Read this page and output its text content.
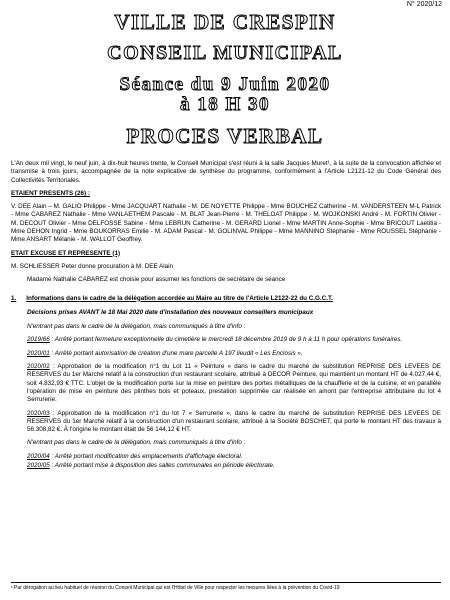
N° 2020/12
VILLE DE CRESPIN
CONSEIL MUNICIPAL
Séance du 9 Juin 2020
à 18 H 30
PROCES VERBAL

L'An deux mil vingt, le neuf juin, à dix-huit heures trente, le Conseil Municipal s'est réuni à la salle Jacques Muret¹, à la suite de la convocation affichée et transmise à trois jours, accompagnée de la note explicative de synthèse du programme, conformément à l'Article L2121-12 du Code Général des Collectivités Territoriales.

ETAIENT PRESENTS (26) :

V. DEE Alain – M. GALIO Philippe - Mme JACQUART Nathalie - M. DE NOYETTE Philippe - Mme BOUCHEZ Catherine - M. VANDERSTEEN M-L Patrick - Mme CABAREZ Nathalie - Mme VANLAETHEM Pascale - M. BLAT Jean-Pierre - M. THELOAT Philippe - M. WOJKONSKI André - M. FORTIN Olivier - M. DECOUT Olivier - Mme DELFOSSE Sabine - Mme LEBRUN Catherine - M. GERARD Lionel - Mme MARTIN Anne-Sophie - Mme BRICOUT Laetitia - Mme DEHON Ingrid - Mme BOUKORRAS Emilie - M. ADAM Pascal - M. GOLINVAL Philippe - Mme MANNINO Stéphanie - Mme ROUSSEL Stéphanie - Mme ANSART Mélanie - M. WALLOT Geoffrey.

ETAIT EXCUSE ET REPRESENTE (1)

M. SCHLIESSER Peter donne procuration à M. DEE Alain

Madame Nathalie CABAREZ est choisie pour assumer les fonctions de secrétaire de séance

1. Informations dans le cadre de la délégation accordée au Maire au titre de l'Article L2122-22 du C.G.C.T.
Décisions prises AVANT le 18 Mai 2020 date d'installation des nouveaux conseillers municipaux

N'entrant pas dans le cadre de la délégation, mais communiqués à titre d'info :

2019/66 : Arrêté portant fermeture exceptionnelle du cimetière le mercredi 18 décembre 2019 de 9 h à 11 h pour opérations funéraires.

2020/01 : Arrêté portant autorisation de création d'une mare parcelle A 197 lieudit « Les Enclosis ».

2020/02 : Approbation de la modification n°1 du Lot 11 « Peinture » dans le cadre du marché de substitution REPRISE DES LEVEES DE RESERVES du 1er Marché relatif à la construction d'un restaurant scolaire, attribué à DECOR Peinture, qui maintient un montant HT de 4.027,44 €, soit 4.832,93 € TTC. L'objet de la modification porte sur la mise en peinture des portes métalliques de la chaufferie et de la cuisine, et en parallèle l'opération de mise en peinture des plinthes bois et poteaux, prestation supprimée car réalisée en amont par l'entreprise attributaire du lot 4 Serrurerie.

2020/03 : Approbation de la modification n°1 du lot 7 « Serrurerie », dans le cadre du marché de substitution REPRISE DES LEVEES DE RESERVES du 1er Marché relatif à la construction d'un restaurant scolaire, attribué à la Société BOSCHET, qui porte le montant HT des travaux à 56.308,82 €. À l'origine le montant était de 56 144,12 € HT.

N'entrant pas dans le cadre de la délégation, mais communiqués à titre d'info :

2020/04 : Arrêté portant modification des emplacements d'affichage électoral.

2020/05 : Arrêté portant mise à disposition des salles communales en période électorale.

¹ Par dérogation au lieu habituel de réunion du Conseil Municipal qui est l'Hôtel de Ville pour respecter les mesures liées à la prévention du Covid-19
